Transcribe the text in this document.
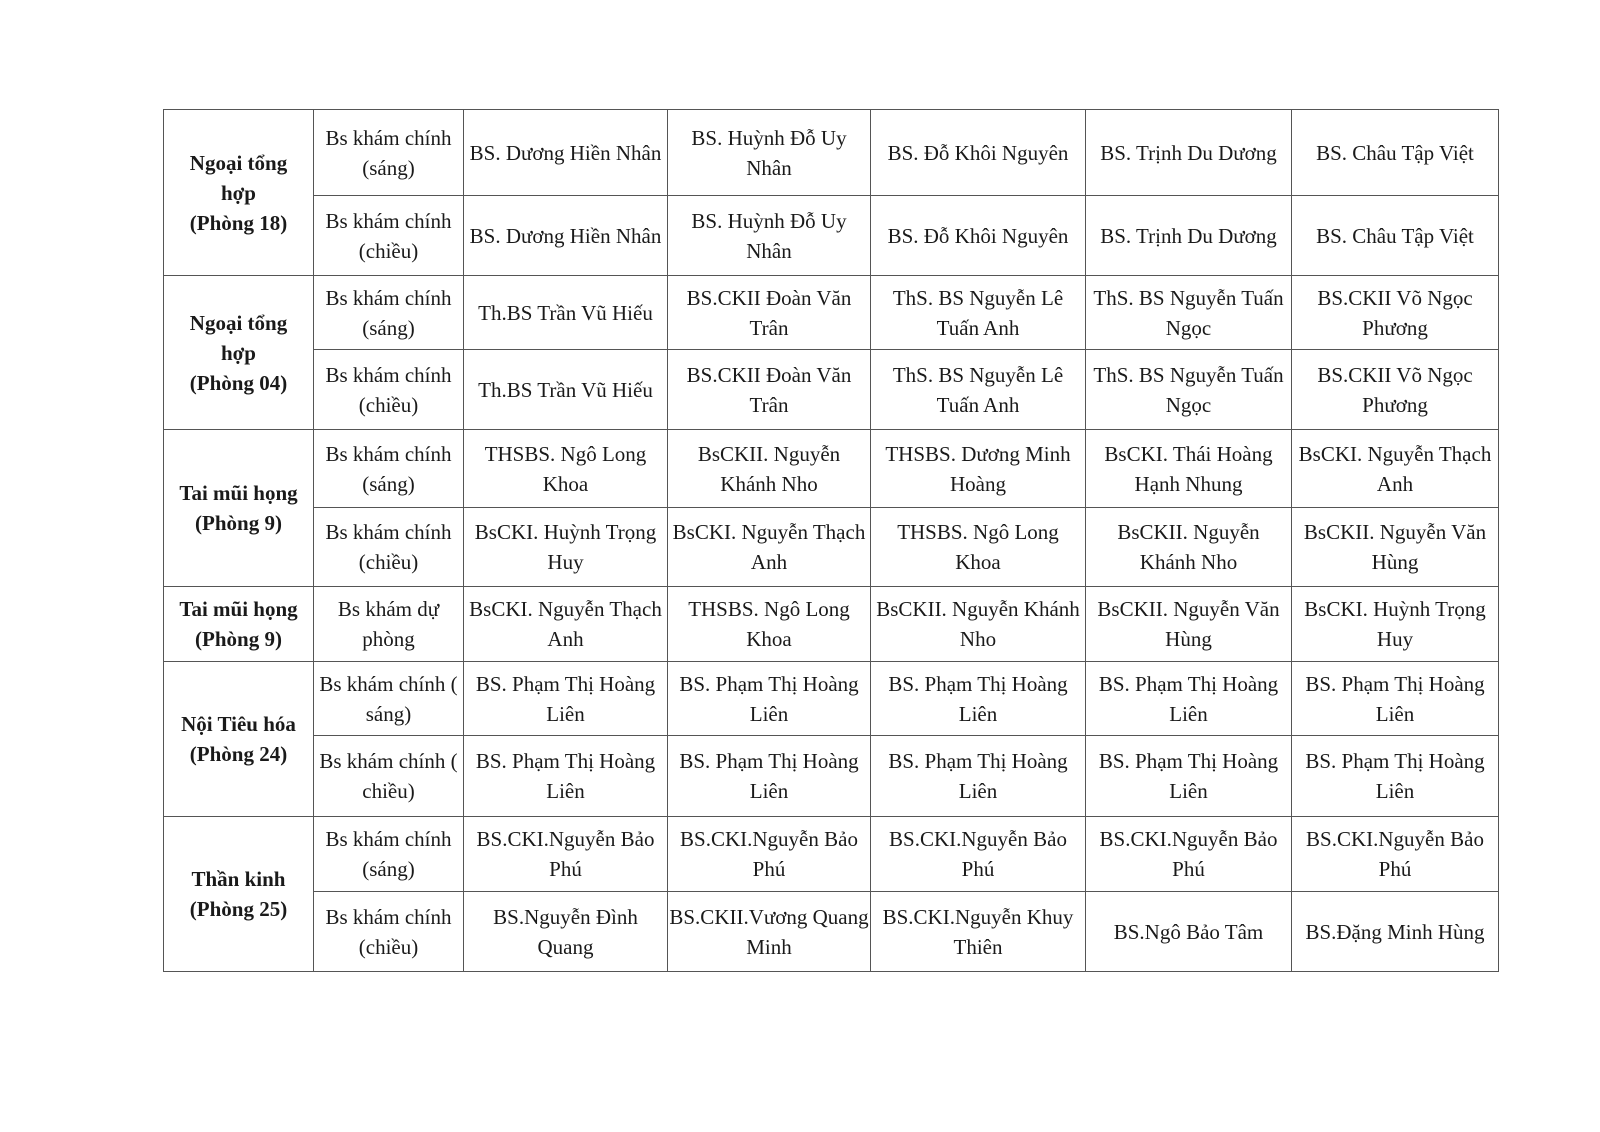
Ngoại tổng
hợp
(Phòng 18)	Bs khám chính (sáng)	BS. Dương Hiền Nhân	BS. Huỳnh Đỗ Uy Nhân	BS. Đỗ Khôi Nguyên	BS. Trịnh Du Dương	BS. Châu Tập Việt
	Bs khám chính (chiều)	BS. Dương Hiền Nhân	BS. Huỳnh Đỗ Uy Nhân	BS. Đỗ Khôi Nguyên	BS. Trịnh Du Dương	BS. Châu Tập Việt

Ngoại tổng
hợp
(Phòng 04)	Bs khám chính (sáng)	Th.BS Trần Vũ Hiếu	BS.CKII Đoàn Văn Trân	ThS. BS Nguyễn Lê Tuấn Anh	ThS. BS Nguyễn Tuấn Ngọc	BS.CKII Võ Ngọc Phương
	Bs khám chính (chiều)	Th.BS Trần Vũ Hiếu	BS.CKII Đoàn Văn Trân	ThS. BS Nguyễn Lê Tuấn Anh	ThS. BS Nguyễn Tuấn Ngọc	BS.CKII Võ Ngọc Phương

Tai mũi họng
(Phòng 9)	Bs khám chính (sáng)	THSBS. Ngô Long Khoa	BsCKII. Nguyễn Khánh Nho	THSBS. Dương Minh Hoàng	BsCKI. Thái Hoàng Hạnh Nhung	BsCKI. Nguyễn Thạch Anh
	Bs khám chính (chiều)	BsCKI. Huỳnh Trọng Huy	BsCKI. Nguyễn Thạch Anh	THSBS. Ngô Long Khoa	BsCKII. Nguyễn Khánh Nho	BsCKII. Nguyễn Văn Hùng

Tai mũi họng
(Phòng 9)	Bs khám dự phòng	BsCKI. Nguyễn Thạch Anh	THSBS. Ngô Long Khoa	BsCKII. Nguyễn Khánh Nho	BsCKII. Nguyễn Văn Hùng	BsCKI. Huỳnh Trọng Huy

Nội Tiêu hóa
(Phòng 24)	Bs khám chính ( sáng)	BS. Phạm Thị Hoàng Liên	BS. Phạm Thị Hoàng Liên	BS. Phạm Thị Hoàng Liên	BS. Phạm Thị Hoàng Liên	BS. Phạm Thị Hoàng Liên
	Bs khám chính ( chiều)	BS. Phạm Thị Hoàng Liên	BS. Phạm Thị Hoàng Liên	BS. Phạm Thị Hoàng Liên	BS. Phạm Thị Hoàng Liên	BS. Phạm Thị Hoàng Liên

Thần kinh
(Phòng 25)	Bs khám chính (sáng)	BS.CKI.Nguyễn Bảo Phú	BS.CKI.Nguyễn Bảo Phú	BS.CKI.Nguyễn Bảo Phú	BS.CKI.Nguyễn Bảo Phú	BS.CKI.Nguyễn Bảo Phú
	Bs khám chính (chiều)	BS.Nguyễn Đình Quang	BS.CKII.Vương Quang Minh	BS.CKI.Nguyễn Khuy Thiên	BS.Ngô Bảo Tâm	BS.Đặng Minh Hùng
